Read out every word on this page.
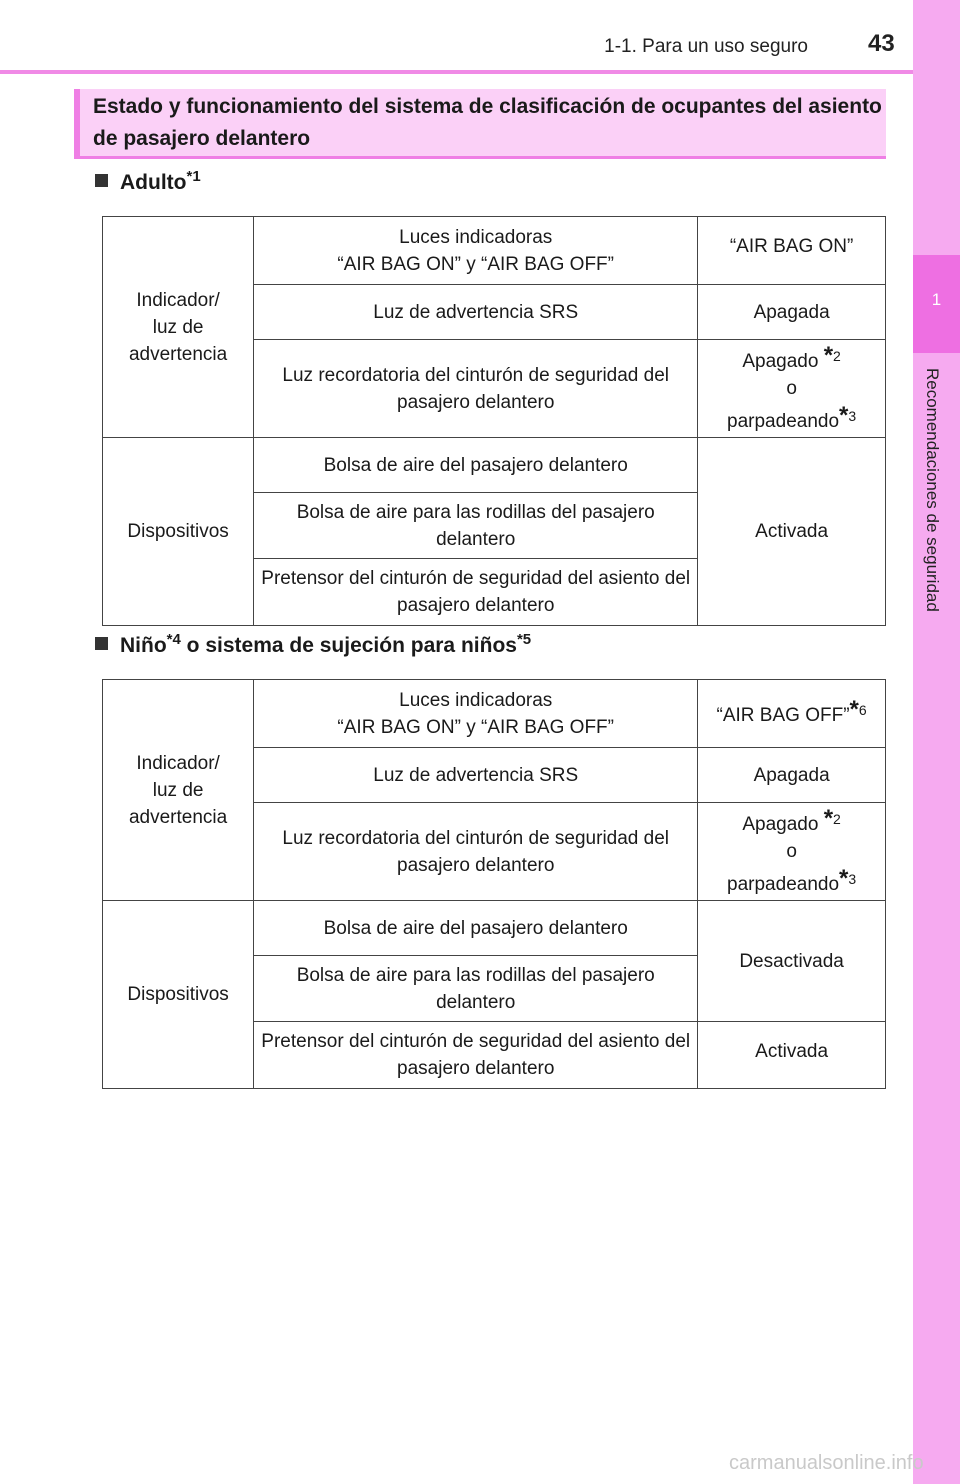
1-1. Para un uso seguro	43
1
Recomendaciones de seguridad
Estado y funcionamiento del sistema de clasificación de ocupantes del asiento de pasajero delantero
Adulto$^{*1}$
Indicador/ luz de advertencia	Luces indicadoras
“AIR BAG ON” y “AIR BAG OFF”	“AIR BAG ON”
	Luz de advertencia SRS	Apagada

	Luz recordatoria del cinturón de seguridad del pasajero delantero	Apagado *$^2$
o
parpadeando*$^3$

Dispositivos	Bolsa de aire del pasajero delantero	Activada

	Bolsa de aire para las rodillas del pasajero delantero	

	Pretensor del cinturón de seguridad del asiento del pasajero delantero	
Niño$^{*4}$ o sistema de sujeción para niños$^{*5}$
Indicador/ luz de advertencia	Luces indicadoras
“AIR BAG ON” y “AIR BAG OFF”	“AIR BAG OFF”*$^6$
	Luz de advertencia SRS	Apagada

	Luz recordatoria del cinturón de seguridad del pasajero delantero	Apagado *$^2$
o
parpadeando*$^3$

Dispositivos	Bolsa de aire del pasajero delantero	Desactivada

	Bolsa de aire para las rodillas del pasajero delantero	

	Pretensor del cinturón de seguridad del asiento del pasajero delantero	Activada
carmanualsonline.info
